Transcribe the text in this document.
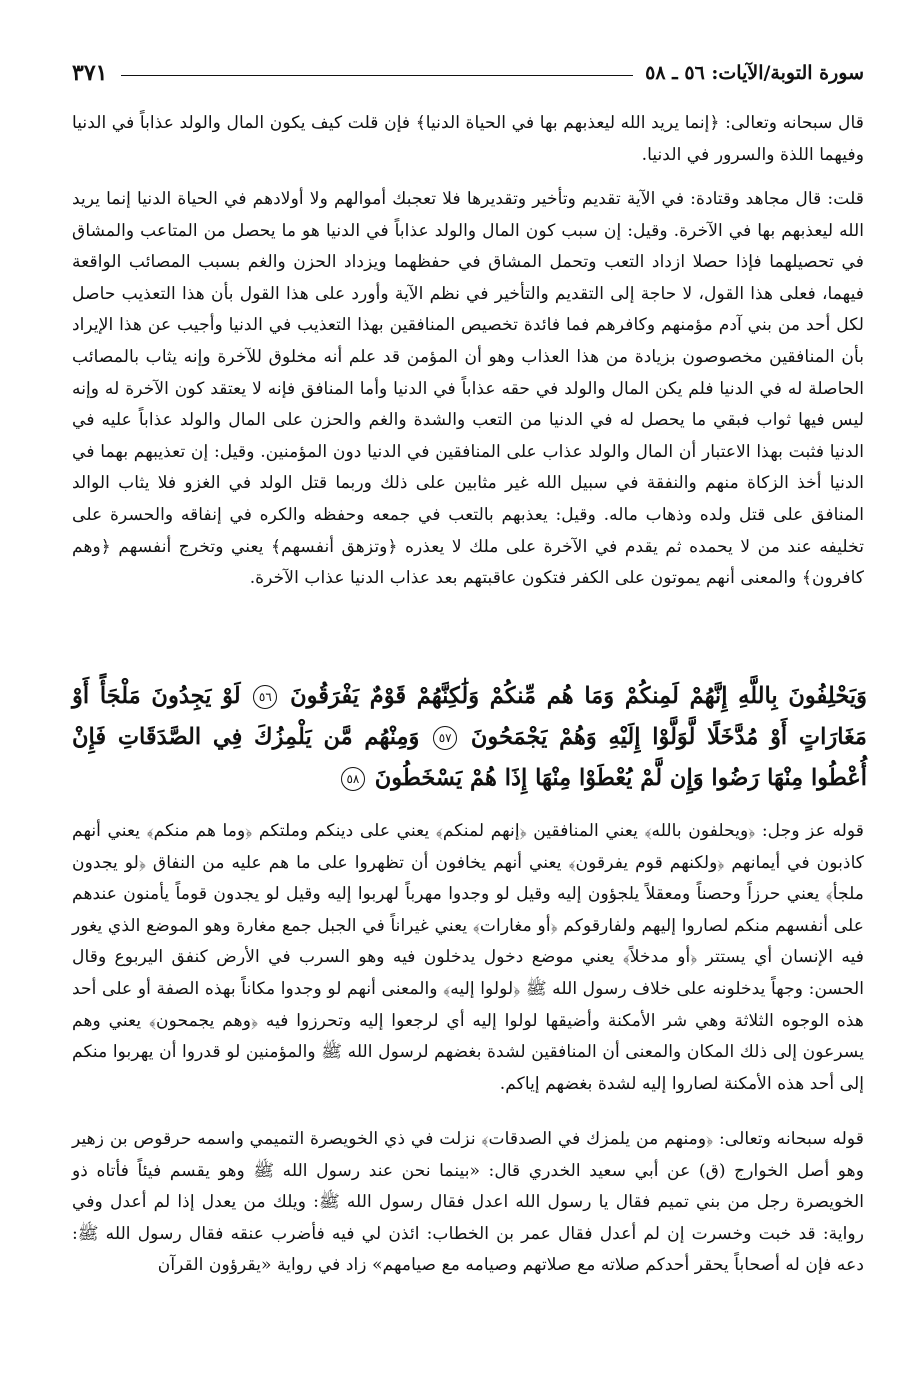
سورة التوبة/الآيات: ٥٦ ـ ٥٨
٣٧١

قال سبحانه وتعالى: ﴿إنما يريد الله ليعذبهم بها في الحياة الدنيا﴾ فإن قلت كيف يكون المال والولد عذاباً في الدنيا وفيهما اللذة والسرور في الدنيا.

قلت: قال مجاهد وقتادة: في الآية تقديم وتأخير وتقديرها فلا تعجبك أموالهم ولا أولادهم في الحياة الدنيا إنما يريد الله ليعذبهم بها في الآخرة. وقيل: إن سبب كون المال والولد عذاباً في الدنيا هو ما يحصل من المتاعب والمشاق في تحصيلهما فإذا حصلا ازداد التعب وتحمل المشاق في حفظهما ويزداد الحزن والغم بسبب المصائب الواقعة فيهما، فعلى هذا القول، لا حاجة إلى التقديم والتأخير في نظم الآية وأورد على هذا القول بأن هذا التعذيب حاصل لكل أحد من بني آدم مؤمنهم وكافرهم فما فائدة تخصيص المنافقين بهذا التعذيب في الدنيا وأجيب عن هذا الإيراد بأن المنافقين مخصوصون بزيادة من هذا العذاب وهو أن المؤمن قد علم أنه مخلوق للآخرة وإنه يثاب بالمصائب الحاصلة له في الدنيا فلم يكن المال والولد في حقه عذاباً في الدنيا وأما المنافق فإنه لا يعتقد كون الآخرة له وإنه ليس فيها ثواب فبقي ما يحصل له في الدنيا من التعب والشدة والغم والحزن على المال والولد عذاباً عليه في الدنيا فثبت بهذا الاعتبار أن المال والولد عذاب على المنافقين في الدنيا دون المؤمنين. وقيل: إن تعذيبهم بهما في الدنيا أخذ الزكاة منهم والنفقة في سبيل الله غير مثابين على ذلك وربما قتل الولد في الغزو فلا يثاب الوالد المنافق على قتل ولده وذهاب ماله. وقيل: يعذبهم بالتعب في جمعه وحفظه والكره في إنفاقه والحسرة على تخليفه عند من لا يحمده ثم يقدم في الآخرة على ملك لا يعذره ﴿وتزهق أنفسهم﴾ يعني وتخرج أنفسهم ﴿وهم كافرون﴾ والمعنى أنهم يموتون على الكفر فتكون عاقبتهم بعد عذاب الدنيا عذاب الآخرة.

وَيَحْلِفُونَ بِاللَّهِ إِنَّهُمْ لَمِنكُمْ وَمَا هُم مِّنكُمْ وَلَٰكِنَّهُمْ قَوْمٌ يَفْرَقُونَ ٥٦ لَوْ يَجِدُونَ مَلْجَأً أَوْ مَغَارَاتٍ أَوْ مُدَّخَلًا لَّوَلَّوْا إِلَيْهِ وَهُمْ يَجْمَحُونَ ٥٧ وَمِنْهُم مَّن يَلْمِزُكَ فِي الصَّدَقَاتِ فَإِنْ أُعْطُوا مِنْهَا رَضُوا وَإِن لَّمْ يُعْطَوْا مِنْهَا إِذَا هُمْ يَسْخَطُونَ ٥٨

قوله عز وجل: ﴿ويحلفون بالله﴾ يعني المنافقين ﴿إنهم لمنكم﴾ يعني على دينكم وملتكم ﴿وما هم منكم﴾ يعني أنهم كاذبون في أيمانهم ﴿ولكنهم قوم يفرقون﴾ يعني أنهم يخافون أن تظهروا على ما هم عليه من النفاق ﴿لو يجدون ملجأ﴾ يعني حرزاً وحصناً ومعقلاً يلجؤون إليه وقيل لو وجدوا مهرباً لهربوا إليه وقيل لو يجدون قوماً يأمنون عندهم على أنفسهم منكم لصاروا إليهم ولفارقوكم ﴿أو مغارات﴾ يعني غيراناً في الجبل جمع مغارة وهو الموضع الذي يغور فيه الإنسان أي يستتر ﴿أو مدخلاً﴾ يعني موضع دخول يدخلون فيه وهو السرب في الأرض كنفق اليربوع وقال الحسن: وجهاً يدخلونه على خلاف رسول الله ﷺ ﴿لولوا إليه﴾ والمعنى أنهم لو وجدوا مكاناً بهذه الصفة أو على أحد هذه الوجوه الثلاثة وهي شر الأمكنة وأضيقها لولوا إليه أي لرجعوا إليه وتحرزوا فيه ﴿وهم يجمحون﴾ يعني وهم يسرعون إلى ذلك المكان والمعنى أن المنافقين لشدة بغضهم لرسول الله ﷺ والمؤمنين لو قدروا أن يهربوا منكم إلى أحد هذه الأمكنة لصاروا إليه لشدة بغضهم إياكم.

قوله سبحانه وتعالى: ﴿ومنهم من يلمزك في الصدقات﴾ نزلت في ذي الخويصرة التميمي واسمه حرقوص بن زهير وهو أصل الخوارج (ق) عن أبي سعيد الخدري قال: «بينما نحن عند رسول الله ﷺ وهو يقسم فيئاً فأتاه ذو الخويصرة رجل من بني تميم فقال يا رسول الله اعدل فقال رسول الله ﷺ: ويلك من يعدل إذا لم أعدل وفي رواية: قد خبت وخسرت إن لم أعدل فقال عمر بن الخطاب: ائذن لي فيه فأضرب عنقه فقال رسول الله ﷺ: دعه فإن له أصحاباً يحقر أحدكم صلاته مع صلاتهم وصيامه مع صيامهم» زاد في رواية «يقرؤون القرآن
